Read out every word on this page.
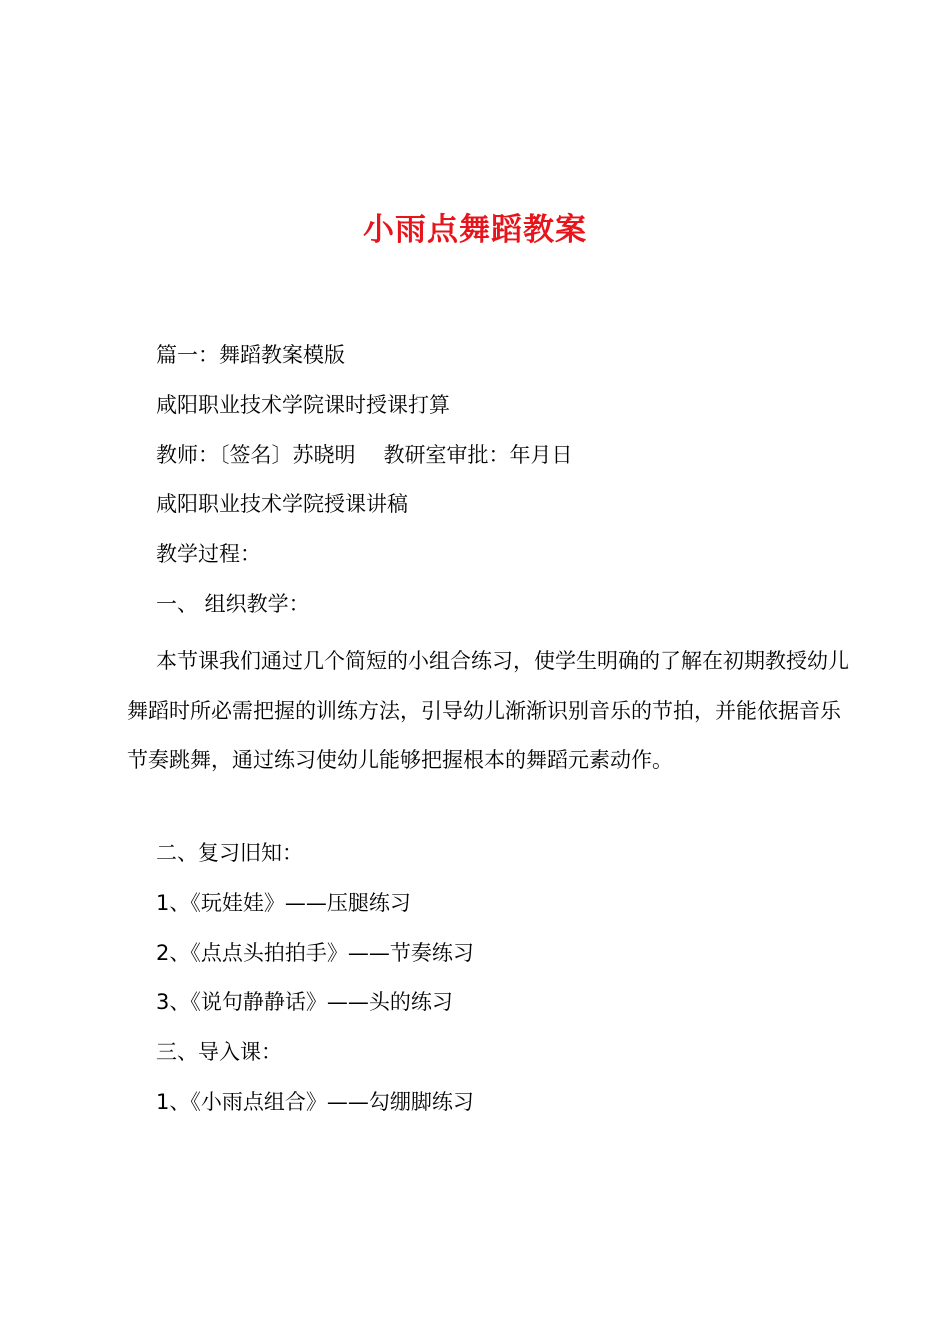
小雨点舞蹈教案
篇一：舞蹈教案模版
咸阳职业技术学院课时授课打算
教师：〔签名〕苏晓明 教研室审批：年月日
咸阳职业技术学院授课讲稿
教学过程：
一、 组织教学：
本节课我们通过几个简短的小组合练习，使学生明确的了解在初期教授幼儿舞蹈时所必需把握的训练方法，引导幼儿渐渐识别音乐的节拍，并能依据音乐节奏跳舞，通过练习使幼儿能够把握根本的舞蹈元素动作。
二、复习旧知：
1、《玩娃娃》——压腿练习
2、《点点头拍拍手》——节奏练习
3、《说句静静话》——头的练习
三、导入课：
1、《小雨点组合》——勾绷脚练习
